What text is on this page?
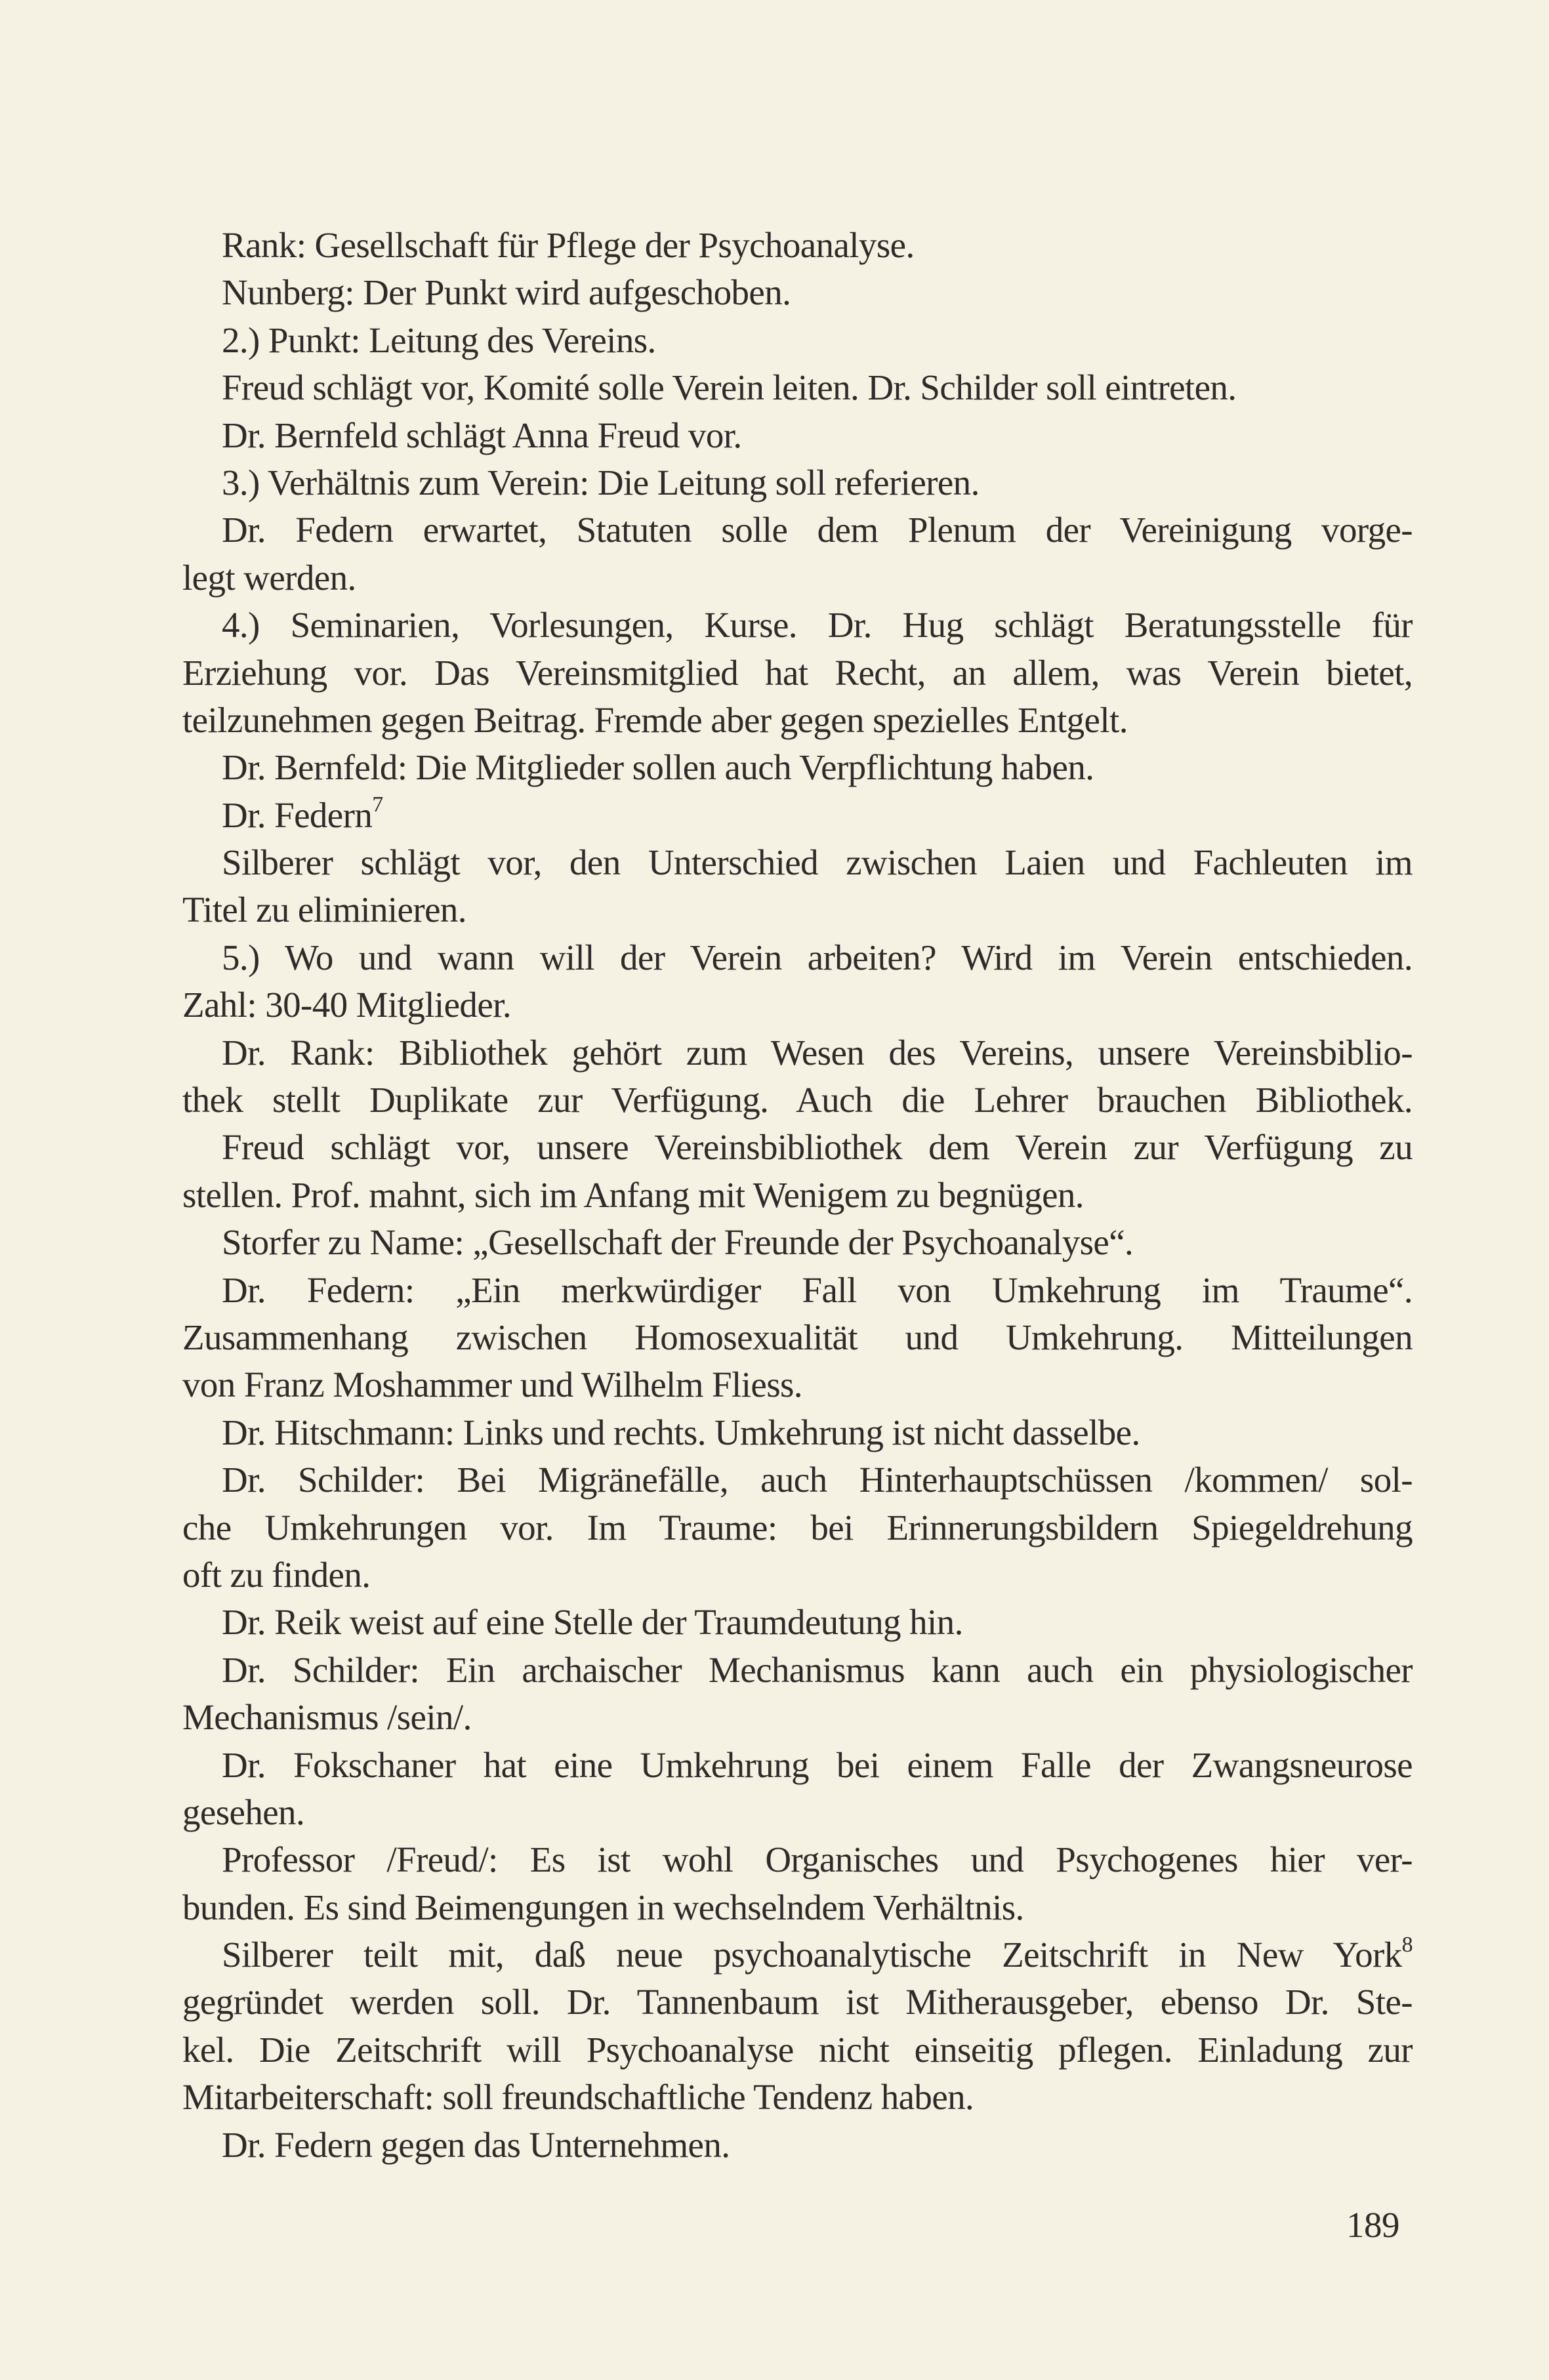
Rank: Gesellschaft für Pflege der Psychoanalyse.
Nunberg: Der Punkt wird aufgeschoben.
2.) Punkt: Leitung des Vereins.
Freud schlägt vor, Komité solle Verein leiten. Dr. Schilder soll eintreten.
Dr. Bernfeld schlägt Anna Freud vor.
3.) Verhältnis zum Verein: Die Leitung soll referieren.
Dr. Federn erwartet, Statuten solle dem Plenum der Vereinigung vorge-
legt werden.
4.) Seminarien, Vorlesungen, Kurse. Dr. Hug schlägt Beratungsstelle für
Erziehung vor. Das Vereinsmitglied hat Recht, an allem, was Verein bietet,
teilzunehmen gegen Beitrag. Fremde aber gegen spezielles Entgelt.
Dr. Bernfeld: Die Mitglieder sollen auch Verpflichtung haben.
Dr. Federn$^7$
Silberer schlägt vor, den Unterschied zwischen Laien und Fachleuten im
Titel zu eliminieren.
5.) Wo und wann will der Verein arbeiten? Wird im Verein entschieden.
Zahl: 30-40 Mitglieder.
Dr. Rank: Bibliothek gehört zum Wesen des Vereins, unsere Vereinsbiblio-
thek stellt Duplikate zur Verfügung. Auch die Lehrer brauchen Bibliothek.
Freud schlägt vor, unsere Vereinsbibliothek dem Verein zur Verfügung zu
stellen. Prof. mahnt, sich im Anfang mit Wenigem zu begnügen.
Storfer zu Name: „Gesellschaft der Freunde der Psychoanalyse“.
Dr. Federn: „Ein merkwürdiger Fall von Umkehrung im Traume“.
Zusammenhang zwischen Homosexualität und Umkehrung. Mitteilungen
von Franz Moshammer und Wilhelm Fliess.
Dr. Hitschmann: Links und rechts. Umkehrung ist nicht dasselbe.
Dr. Schilder: Bei Migränefälle, auch Hinterhauptschüssen /kommen/ sol-
che Umkehrungen vor. Im Traume: bei Erinnerungsbildern Spiegeldrehung
oft zu finden.
Dr. Reik weist auf eine Stelle der Traumdeutung hin.
Dr. Schilder: Ein archaischer Mechanismus kann auch ein physiologischer
Mechanismus /sein/.
Dr. Fokschaner hat eine Umkehrung bei einem Falle der Zwangsneurose
gesehen.
Professor /Freud/: Es ist wohl Organisches und Psychogenes hier ver-
bunden. Es sind Beimengungen in wechselndem Verhältnis.
Silberer teilt mit, daß neue psychoanalytische Zeitschrift in New York$^8$
gegründet werden soll. Dr. Tannenbaum ist Mitherausgeber, ebenso Dr. Ste-
kel. Die Zeitschrift will Psychoanalyse nicht einseitig pflegen. Einladung zur
Mitarbeiterschaft: soll freundschaftliche Tendenz haben.
Dr. Federn gegen das Unternehmen.
189
